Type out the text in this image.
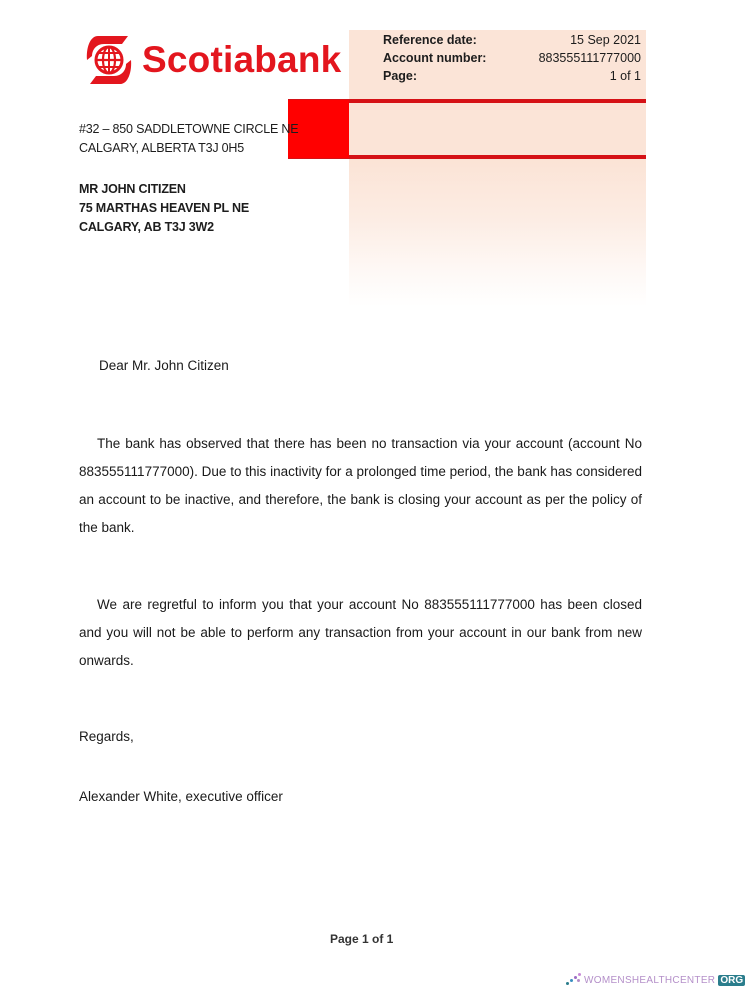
Scotiabank	Reference date:	15 Sep 2021
Account number:	883555111777000
Page:	1 of 1
#32 – 850 SADDLETOWNE CIRCLE NE
CALGARY, ALBERTA T3J 0H5
MR JOHN CITIZEN
75 MARTHAS HEAVEN PL NE
CALGARY, AB T3J 3W2
Dear Mr. John Citizen
The bank has observed that there has been no transaction via your account (account No 883555111777000). Due to this inactivity for a prolonged time period, the bank has considered an account to be inactive, and therefore, the bank is closing your account as per the policy of the bank.
We are regretful to inform you that your account No 883555111777000 has been closed and you will not be able to perform any transaction from your account in our bank from new onwards.
Regards,
Alexander White, executive officer
Page 1 of 1
WOMENSHEALTHCENTER ORG
